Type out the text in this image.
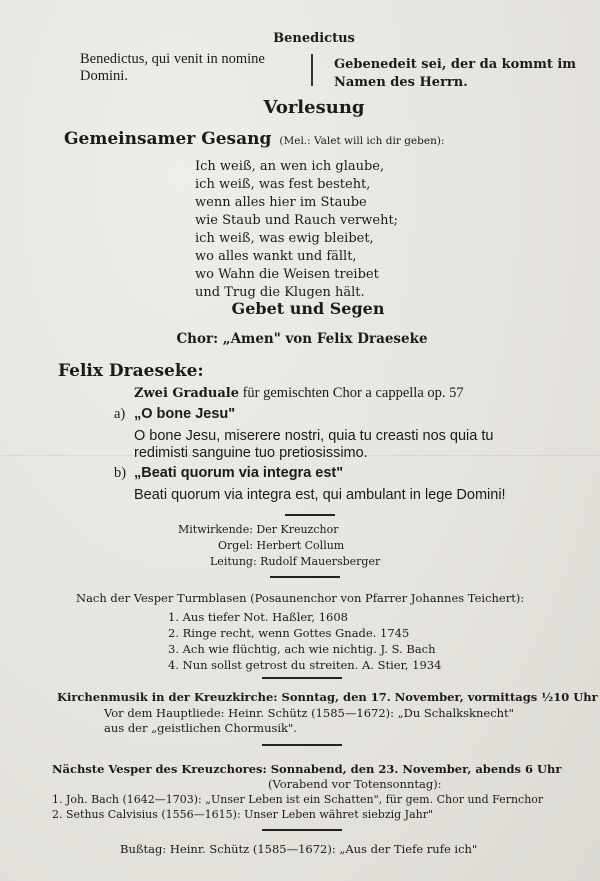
Benedictus
Benedictus, qui venit in nomine
Domini.
Gebenedeit sei, der da kommt im
Namen des Herrn.
Vorlesung
Gemeinsamer Gesang (Mel.: Valet will ich dir geben):
Ich weiß, an wen ich glaube,
ich weiß, was fest besteht,
wenn alles hier im Staube
wie Staub und Rauch verweht;
ich weiß, was ewig bleibet,
wo alles wankt und fällt,
wo Wahn die Weisen treibet
und Trug die Klugen hält.
Gebet und Segen
Chor: „Amen" von Felix Draeseke
Felix Draeseke:
Zwei Graduale für gemischten Chor a cappella op. 57
a) „O bone Jesu"
O bone Jesu, miserere nostri, quia tu creasti nos quia tu
redimisti sanguine tuo pretiosissimo.
b) „Beati quorum via integra est"
Beati quorum via integra est, qui ambulant in lege Domini!
Mitwirkende: Der Kreuzchor
Orgel: Herbert Collum
Leitung: Rudolf Mauersberger
Nach der Vesper Turmblasen (Posaunenchor von Pfarrer Johannes Teichert):
1. Aus tiefer Not. Haßler, 1608
2. Ringe recht, wenn Gottes Gnade. 1745
3. Ach wie flüchtig, ach wie nichtig. J. S. Bach
4. Nun sollst getrost du streiten. A. Stier, 1934
Kirchenmusik in der Kreuzkirche: Sonntag, den 17. November, vormittags ½10 Uhr
Vor dem Hauptliede: Heinr. Schütz (1585—1672): „Du Schalksknecht"
aus der „geistlichen Chormusik".
Nächste Vesper des Kreuzchores: Sonnabend, den 23. November, abends 6 Uhr
(Vorabend vor Totensonntag):
1. Joh. Bach (1642—1703): „Unser Leben ist ein Schatten", für gem. Chor und Fernchor
2. Sethus Calvisius (1556—1615): Unser Leben währet siebzig Jahr"
Bußtag: Heinr. Schütz (1585—1672): „Aus der Tiefe rufe ich"
